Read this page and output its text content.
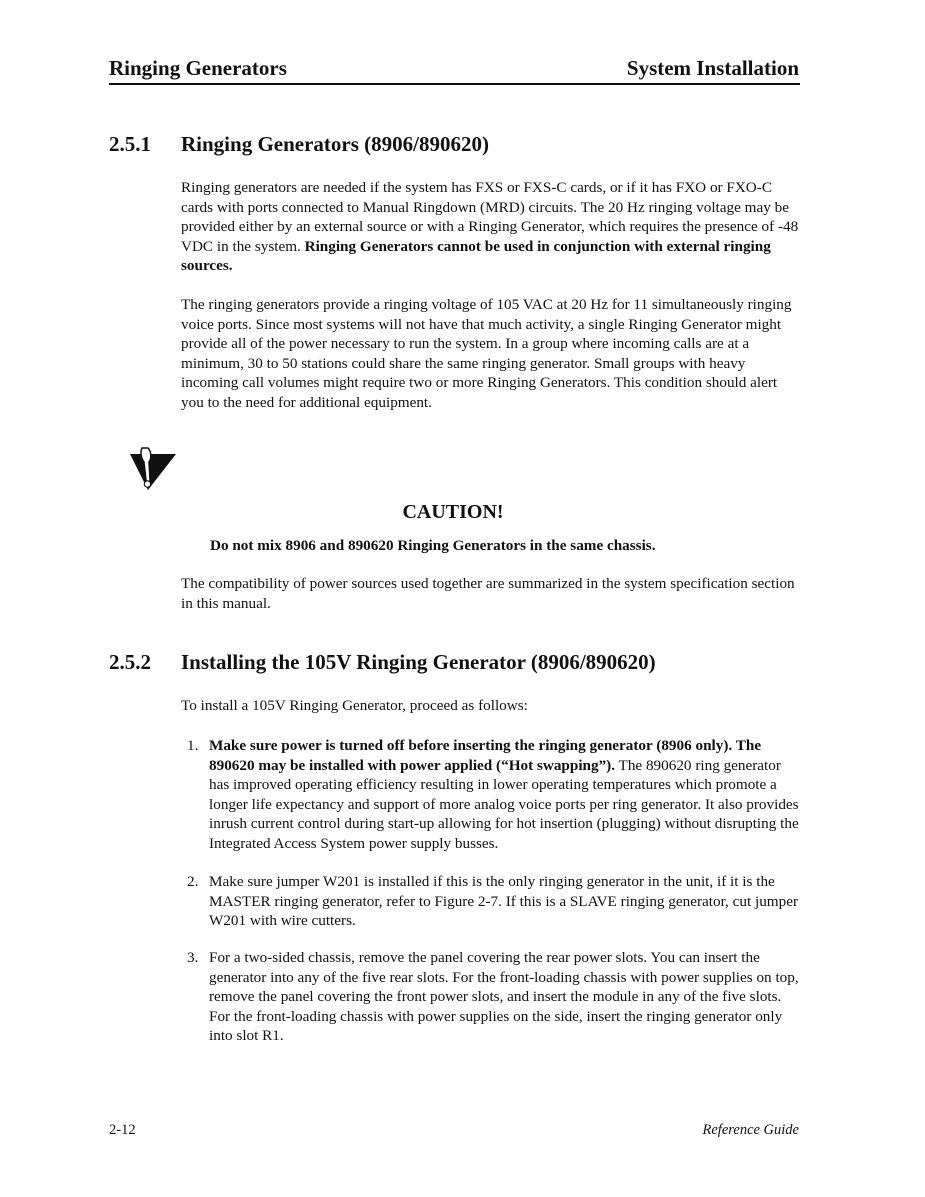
Ringing Generators	System Installation
2.5.1 Ringing Generators (8906/890620)

Ringing generators are needed if the system has FXS or FXS-C cards, or if it has FXO or FXO-C cards with ports connected to Manual Ringdown (MRD) circuits. The 20 Hz ringing voltage may be provided either by an external source or with a Ringing Generator, which requires the presence of -48 VDC in the system. Ringing Generators cannot be used in conjunction with external ringing sources.

The ringing generators provide a ringing voltage of 105 VAC at 20 Hz for 11 simultaneously ringing voice ports. Since most systems will not have that much activity, a single Ringing Generator might provide all of the power necessary to run the system. In a group where incoming calls are at a minimum, 30 to 50 stations could share the same ringing generator. Small groups with heavy incoming call volumes might require two or more Ringing Generators. This condition should alert you to the need for additional equipment.

CAUTION!
Do not mix 8906 and 890620 Ringing Generators in the same chassis.

The compatibility of power sources used together are summarized in the system specification section in this manual.

2.5.2 Installing the 105V Ringing Generator (8906/890620)

To install a 105V Ringing Generator, proceed as follows:

1. Make sure power is turned off before inserting the ringing generator (8906 only). The 890620 may be installed with power applied (“Hot swapping”). The 890620 ring generator has improved operating efficiency resulting in lower operating temperatures which promote a longer life expectancy and support of more analog voice ports per ring generator. It also provides inrush current control during start-up allowing for hot insertion (plugging) without disrupting the Integrated Access System power supply busses.
2. Make sure jumper W201 is installed if this is the only ringing generator in the unit, if it is the MASTER ringing generator, refer to Figure 2-7. If this is a SLAVE ringing generator, cut jumper W201 with wire cutters.
3. For a two-sided chassis, remove the panel covering the rear power slots. You can insert the generator into any of the five rear slots. For the front-loading chassis with power supplies on top, remove the panel covering the front power slots, and insert the module in any of the five slots. For the front-loading chassis with power supplies on the side, insert the ringing generator only into slot R1.
2-12	Reference Guide
